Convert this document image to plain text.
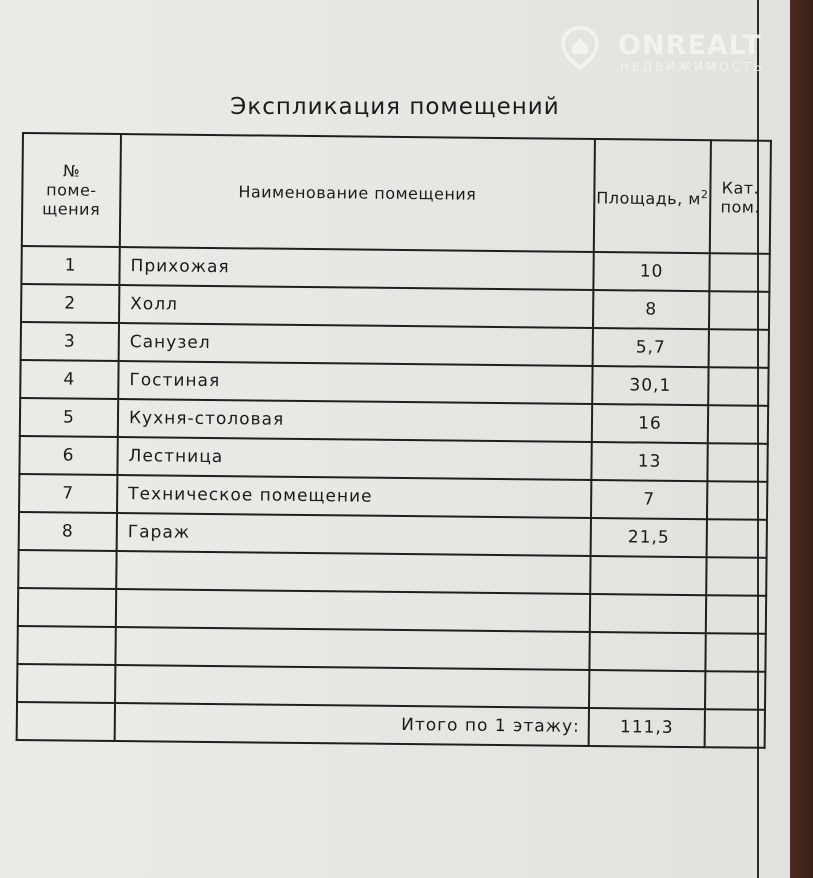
ONREALT
НЕДВИЖИМОСТЬ
Экспликация помещений
№ поме- щения	Наименование помещения	Площадь, $м^2$	Кат. пом.
1	Прихожая	10	
2	Холл	8	
3	Санузел	5,7	
4	Гостиная	30,1	
5	Кухня-столовая	16	
6	Лестница	13	
7	Техническое помещение	7	
8	Гараж	21,5	

	Итого по 1 этажу:	111,3	
